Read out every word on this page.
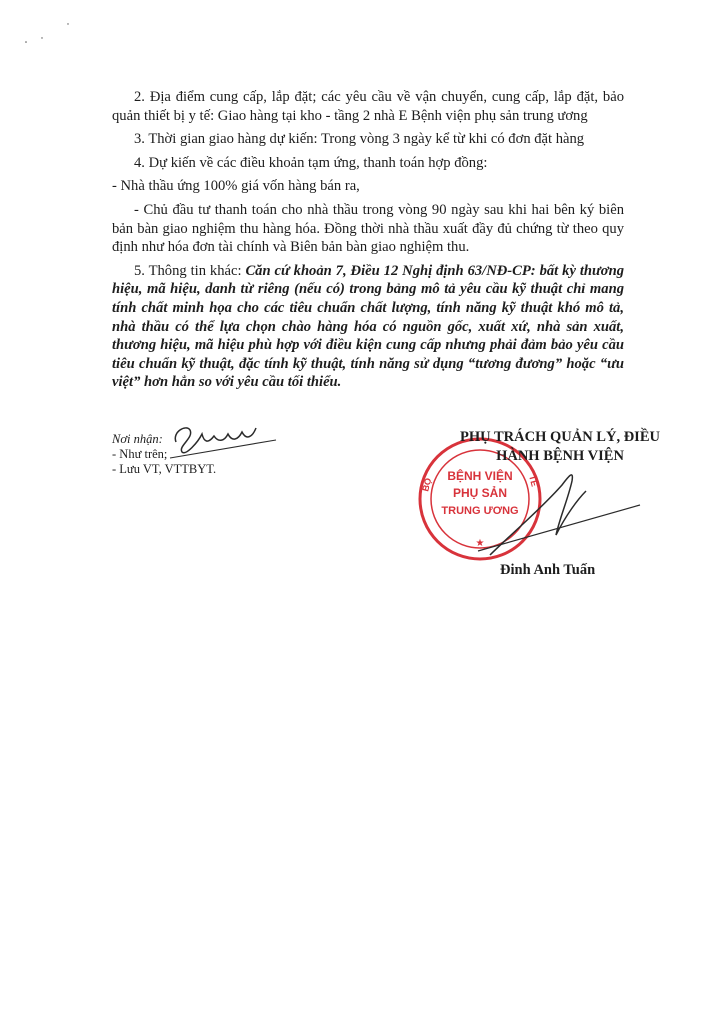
2. Địa điểm cung cấp, lắp đặt; các yêu cầu về vận chuyển, cung cấp, lắp đặt, bảo quản thiết bị y tế: Giao hàng tại kho - tầng 2 nhà E Bệnh viện phụ sản trung ương

3. Thời gian giao hàng dự kiến: Trong vòng 3 ngày kể từ khi có đơn đặt hàng

4. Dự kiến về các điều khoản tạm ứng, thanh toán hợp đồng:

- Nhà thầu ứng 100% giá vốn hàng bán ra,

- Chủ đầu tư thanh toán cho nhà thầu trong vòng 90 ngày sau khi hai bên ký biên bản bàn giao nghiệm thu hàng hóa. Đồng thời nhà thầu xuất đầy đủ chứng từ theo quy định như hóa đơn tài chính và Biên bản bàn giao nghiệm thu.

5. Thông tin khác: Căn cứ khoản 7, Điều 12 Nghị định 63/NĐ-CP: bất kỳ thương hiệu, mã hiệu, danh từ riêng (nếu có) trong bảng mô tả yêu cầu kỹ thuật chỉ mang tính chất minh họa cho các tiêu chuẩn chất lượng, tính năng kỹ thuật khó mô tả, nhà thầu có thể lựa chọn chào hàng hóa có nguồn gốc, xuất xứ, nhà sản xuất, thương hiệu, mã hiệu phù hợp với điều kiện cung cấp nhưng phải đảm bảo yêu cầu tiêu chuẩn kỹ thuật, đặc tính kỹ thuật, tính năng sử dụng “tương đương” hoặc “ưu việt” hơn hẳn so với yêu cầu tối thiểu.

Nơi nhận:
- Như trên;
- Lưu VT, VTTBYT.	BỆNH VIỆN
PHỤ SẢN
TRUNG ƯƠNG
BỘ	TẾ
★
PHỤ TRÁCH QUẢN LÝ, ĐIỀU
HÀNH BỆNH VIỆN
Đinh Anh Tuấn
